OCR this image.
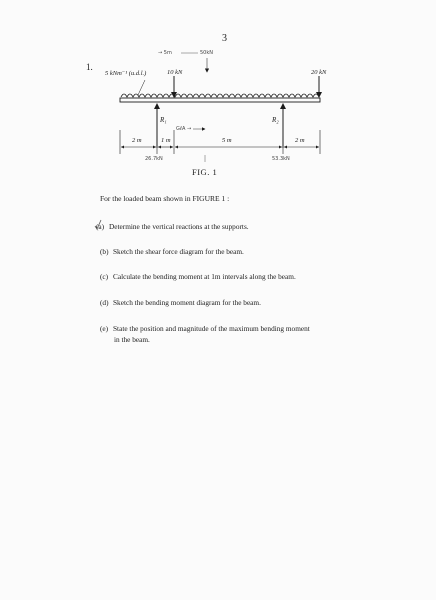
3
1.
5 kNm⁻¹ (u.d.l.)	10 kN	20 kN
R₁	R₂
2 m	1 m	5 m	2 m
→ 5m	50kN
GℓA →
26.7kN	53.3kN
FIG. 1
For the loaded beam shown in FIGURE 1 :
(a) Determine the vertical reactions at the supports.
(b) Sketch the shear force diagram for the beam.
(c) Calculate the bending moment at 1m intervals along the beam.
(d) Sketch the bending moment diagram for the beam.
(e) State the position and magnitude of the maximum bending moment
in the beam.
